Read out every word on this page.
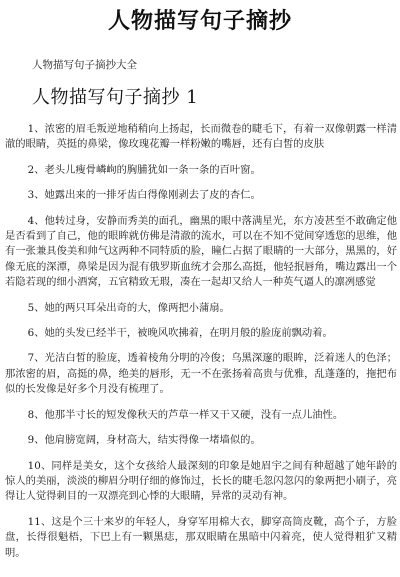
人物描写句子摘抄
人物描写句子摘抄大全
人物描写句子摘抄 1

1、浓密的眉毛叛逆地稍稍向上扬起，长而微卷的睫毛下，有着一双像朝露一样清澈的眼睛，英挺的鼻梁，像玫瑰花瓣一样粉嫩的嘴唇，还有白皙的皮肤

2、老头儿瘦骨嶙峋的胸脯犹如一条一条的百叶窗。

3、她露出来的一排牙齿白得像刚剥去了皮的杏仁。

4、他转过身，安静而秀美的面孔，幽黑的眼中落满星光，东方凌甚至不敢确定他是否看到了自己，他的眼眸就仿佛是清澈的流水，可以在不知不觉间穿透您的思维，他有一张兼具俊美和帅气这两种不同特质的脸，瞳仁占据了眼睛的一大部分，黑黑的，好像无底的深潭，鼻梁是因为混有俄罗斯血统才会那么高挺，他轻抿唇角，嘴边露出一个若隐若现的细小酒窝，五官精致无瑕，凑在一起却又给人一种英气逼人的凛冽感觉

5、她的两只耳朵出奇的大，像两把小蒲扇。

6、她的头发已经半干，被晚风吹拂着，在明月般的脸庞前飘动着。

7、光洁白皙的脸庞，透着棱角分明的冷俊；乌黑深邃的眼眸，泛着迷人的色泽；那浓密的眉，高挺的鼻，绝美的唇形，无一不在张扬着高贵与优雅，乱蓬蓬的，拖把布似的长发像是好多个月没有梳理了。

8、他那半寸长的短发像秋天的芦草一样又干又硬，没有一点儿油性。

9、他肩膀宽阔，身材高大，结实得像一堵墙似的。

10、同样是美女，这个女孩给人最深刻的印象是她眉宇之间有种超越了她年龄的惊人的美丽，淡淡的柳眉分明仔细的修饰过，长长的睫毛忽闪忽闪的象两把小刷子，亮得让人觉得刺目的一双漂亮到心悸的大眼睛，异常的灵动有神。

11、这是个三十来岁的年轻人，身穿军用棉大衣，脚穿高筒皮靴，高个子，方脸盘，长得很魁梧，下巴上有一颗黑痣，那双眼睛在黑暗中闪着亮，使人觉得粗犷又精明。
